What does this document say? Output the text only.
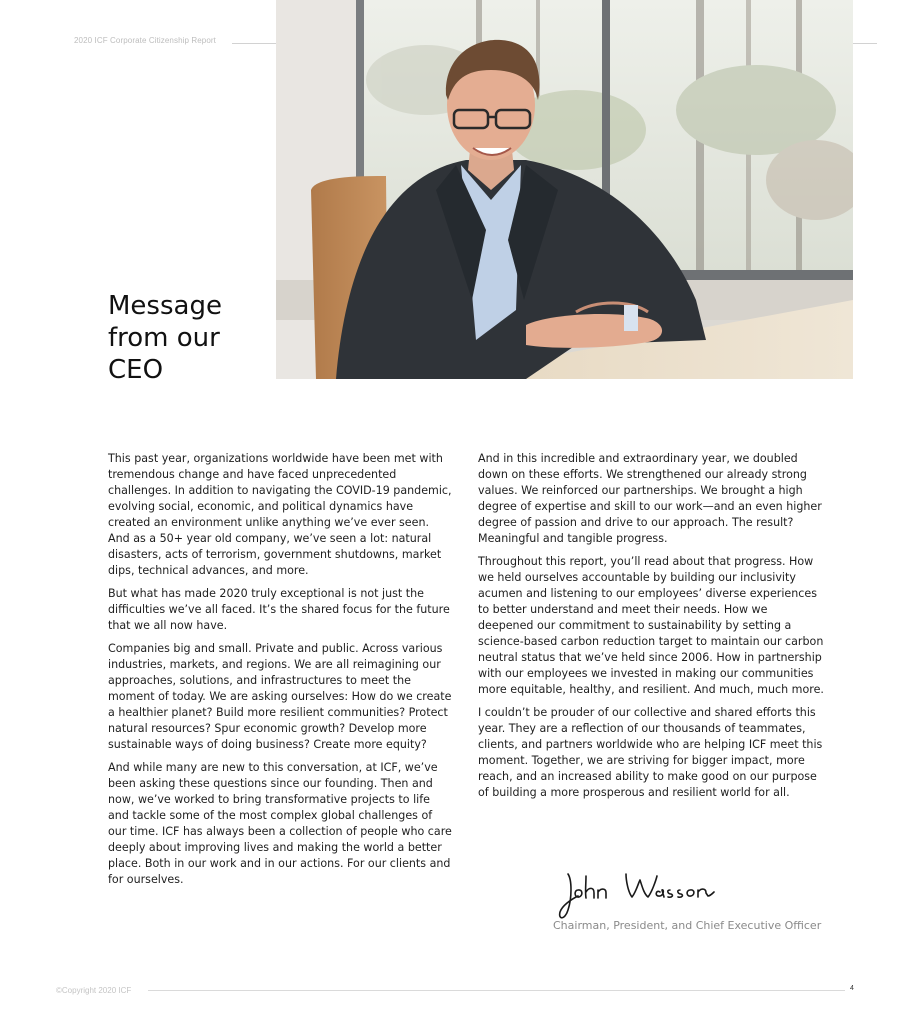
2020 ICF Corporate Citizenship Report
Message
from our
CEO

This past year, organizations worldwide have been met with tremendous change and have faced unprecedented challenges. In addition to navigating the COVID-19 pandemic, evolving social, economic, and political dynamics have created an environment unlike anything we’ve ever seen. And as a 50+ year old company, we’ve seen a lot: natural disasters, acts of terrorism, government shutdowns, market dips, technical advances, and more.

But what has made 2020 truly exceptional is not just the difficulties we’ve all faced. It’s the shared focus for the future that we all now have.

Companies big and small. Private and public. Across various industries, markets, and regions. We are all reimagining our approaches, solutions, and infrastructures to meet the moment of today. We are asking ourselves: How do we create a healthier planet? Build more resilient communities? Protect natural resources? Spur economic growth? Develop more sustainable ways of doing business? Create more equity?

And while many are new to this conversation, at ICF, we’ve been asking these questions since our founding. Then and now, we’ve worked to bring transformative projects to life and tackle some of the most complex global challenges of our time. ICF has always been a collection of people who care deeply about improving lives and making the world a better place. Both in our work and in our actions. For our clients and for ourselves.

And in this incredible and extraordinary year, we doubled down on these efforts. We strengthened our already strong values. We reinforced our partnerships. We brought a high degree of expertise and skill to our work—and an even higher degree of passion and drive to our approach. The result? Meaningful and tangible progress.

Throughout this report, you’ll read about that progress. How we held ourselves accountable by building our inclusivity acumen and listening to our employees’ diverse experiences to better understand and meet their needs. How we deepened our commitment to sustainability by setting a science-based carbon reduction target to maintain our carbon neutral status that we’ve held since 2006. How in partnership with our employees we invested in making our communities more equitable, healthy, and resilient. And much, much more.

I couldn’t be prouder of our collective and shared efforts this year. They are a reflection of our thousands of teammates, clients, and partners worldwide who are helping ICF meet this moment. Together, we are striving for bigger impact, more reach, and an increased ability to make good on our purpose of building a more prosperous and resilient world for all.

Chairman, President, and Chief Executive Officer
©Copyright 2020 ICF	4
